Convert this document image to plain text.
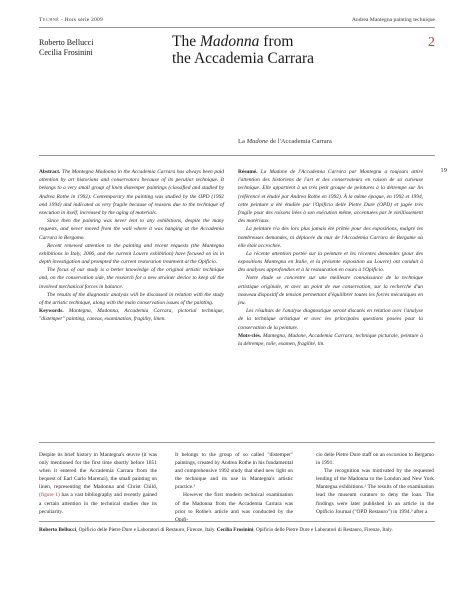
Technè - Hors série 2009	Andrea Mantegna painting technique
Roberto Bellucci
Cecilia Frosinini
The Madonna from
the Accademia Carrara
2
La Madone de l'Accademia Carrara
19

Abstract. The Mantegna Madonna in the Accademia Carrara has always been paid attention by art historians and conservators because of its peculiar technique. It belongs to a very small group of linen distemper paintings (classified and studied by Andrea Rothe in 1992). Contemporary the painting was studied by the OPD (1992 and 1994) and indicated as very fragile because of reasons due to the technique of execution in itself, increased by the aging of materials.

Since then the painting was never lent to any exhibitions, despite the many requests, and never moved from the wall where it was hanging at the Accademia Carrara in Bergamo.

Recent renewed attention to the painting and recent requests (the Mantegna exhibitions in Italy, 2006, and the current Louvre exhibition) have focused on its in depth investigation and prompted the current restoration treatment at the Opificio.

The focus of our study is a better knowledge of the original artistic technique and, on the conservation side, the research for a new strainer device to keep all the involved mechanical forces in balance.

The results of the diagnostic analysis will be discussed in relation with the study of the artistic technique, along with the main conservation issues of the painting.

Keywords. Mantegna, Madonna, Accademia Carrara, pictorial technique, "distemper" painting, canvas, examination, fragility, linen.

Résumé. La Madone de l'Accademia Carrara par Mantegna a toujours attiré l'attention des historiens de l'art et des conservateurs en raison de sa curieuse technique. Elle appartient à un très petit groupe de peintures à la détrempe sur lin (référencé et étudié par Andrea Rothe en 1992). À la même époque, en 1992 et 1994, cette peinture a été étudiée par l'Opificio delle Pietre Dure (OPD) et jugée très fragile pour des raisons liées à son exécution même, accentuées par le vieillissement des matériaux.

La peinture n'a dès lors plus jamais été prêtée pour des expositions, malgré les nombreuses demandes, ni déplacée du mur de l'Accademia Carrara de Bergame où elle était accrochée.

La récente attention portée sur la peinture et les récentes demandes (pour des expositions Mantegna en Italie, et la présente exposition au Louvre) ont conduit à des analyses approfondies et à la restauration en cours à l'Opificio.

Notre étude se concentre sur une meilleure connaissance de la technique artistique originale, et avec un point de vue conservation, sur la recherche d'un nouveau dispositif de tension permettant d'équilibrer toutes les forces mécaniques en jeu.

Les résultats de l'analyse diagnostique seront discutés en relation avec l'analyse de la technique artistique et avec les principales questions posées pour la conservation de la peinture.

Mots-clés. Mantegna, Madone, Accademia Carrara, technique picturale, peinture à la détrempe, toile, examen, fragilité, lin.

Despite its brief history in Mantegna's œuvre (it was only mentioned for the first time shortly before 1851 when it entered the Accademia Carrara from the bequest of Earl Carlo Marenzi), the small painting on linen, representing the Madonna and Christ Child, (figure 1) has a vast bibliography and recently gained a certain attention in the technical studies due its peculiarity.

It belongs to the group of so called "distemper" paintings, created by Andrea Rothe in his fundamental and comprehensive 1992 study that shed new light on the technique and its use in Mantegna's artistic practice.¹

However the first modern technical examination of the Madonna from the Accademia Carrara was prior to Rothe's article and was conducted by the Opifi-

cio delle Pietre Dure staff on an excursion to Bergamo in 1991.

The recognition was motivated by the requested lending of the Madonna to the London and New York Mantegna exhibitions.² The results of the examination lead the museum curators to deny the loan. The findings were later published in an article in the Opificio Journal ("OPD Restauro") in 1994.³ after a

Roberto Bellucci, Opificio delle Pietre Dure e Laboratori di Restauro, Firenze, Italy. Cecilia Frosinini, Opificio delle Pietre Dure e Laboratori di Restauro, Firenze, Italy.
